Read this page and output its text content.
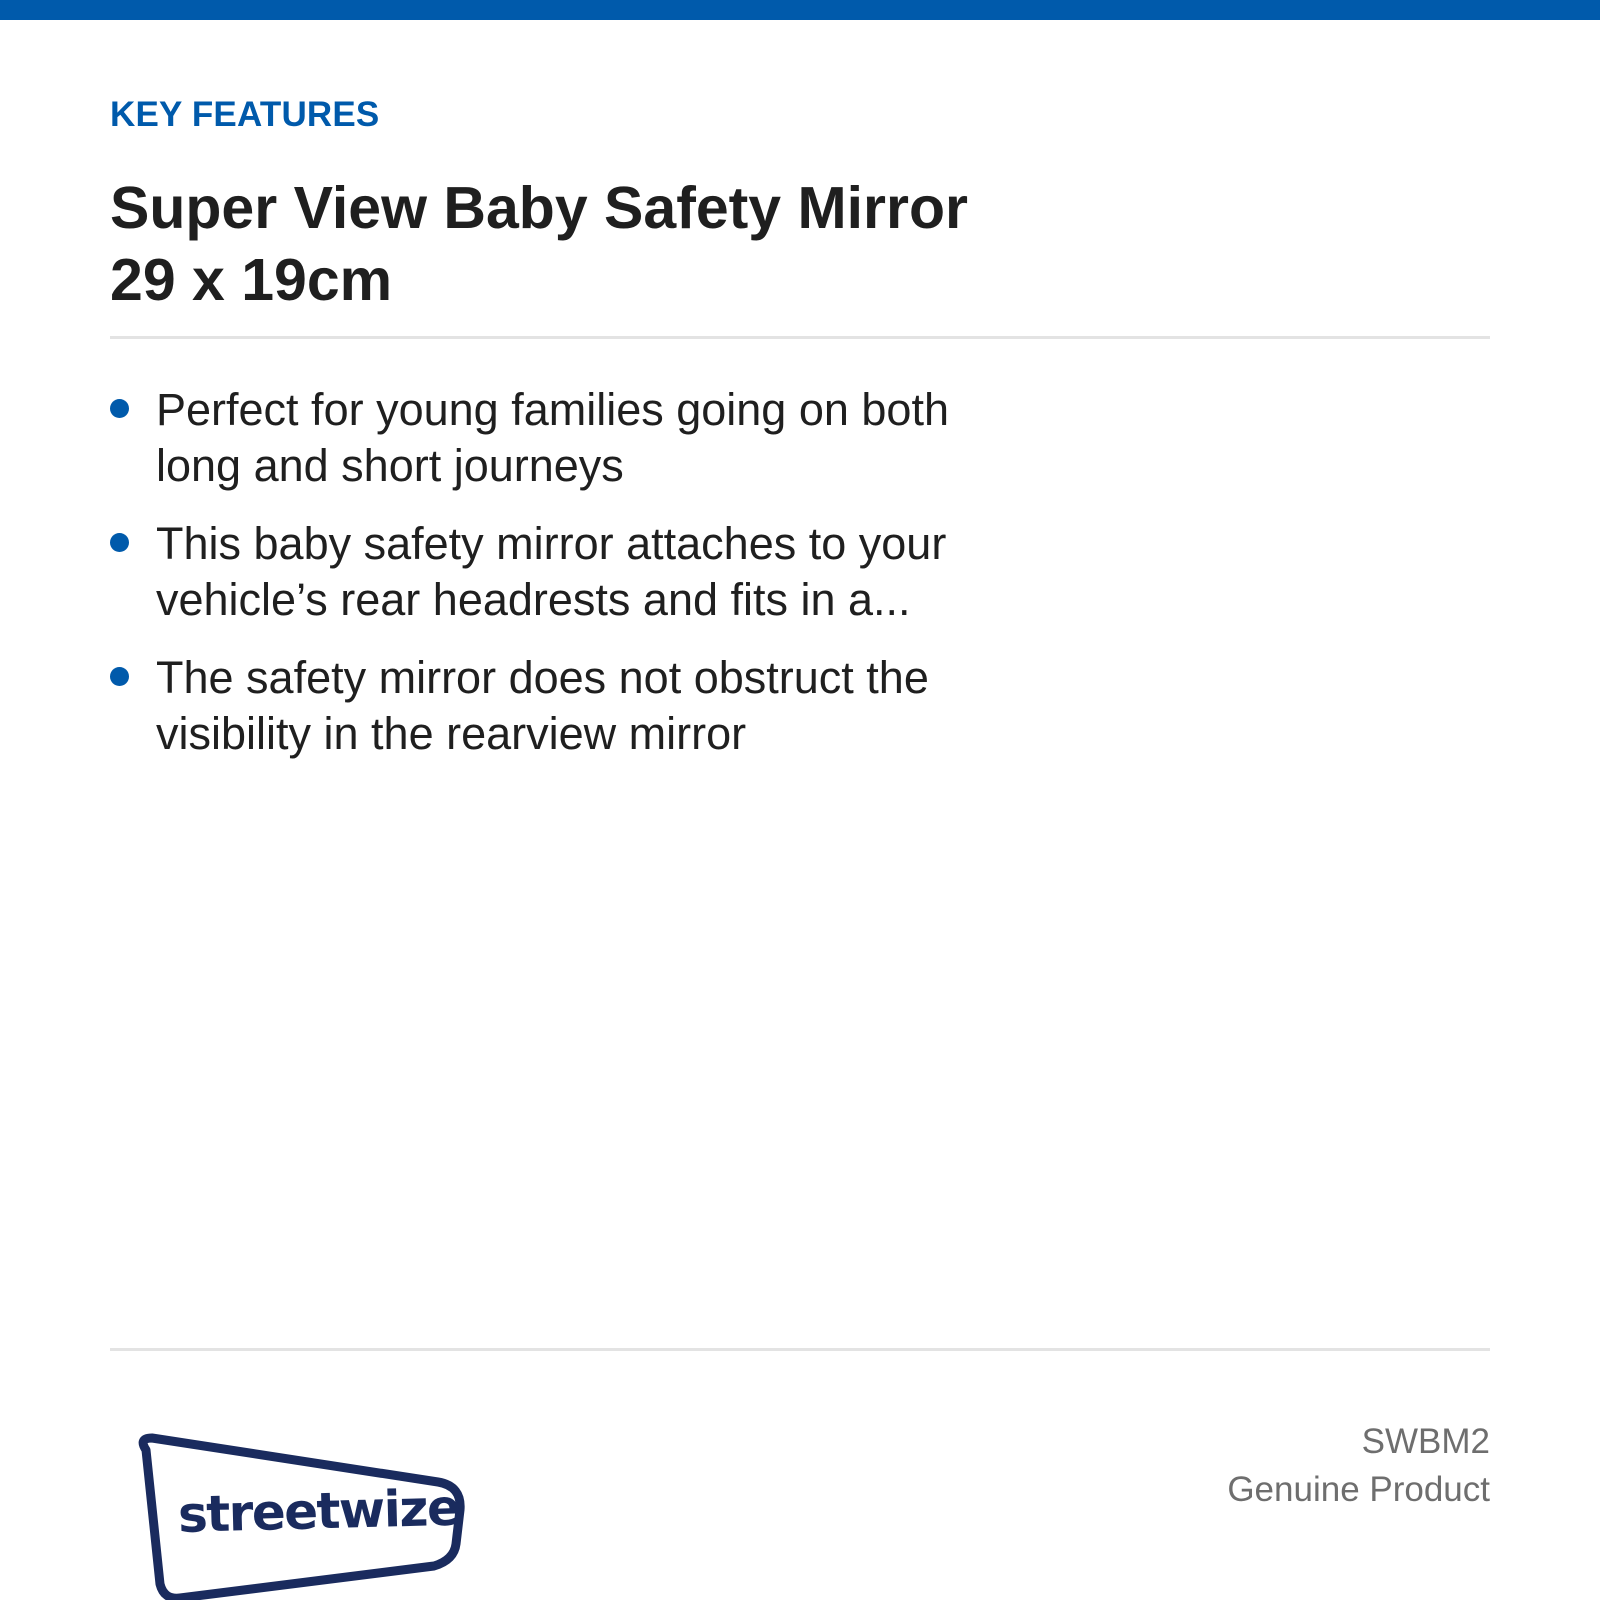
KEY FEATURES
Super View Baby Safety Mirror
29 x 19cm
Perfect for young families going on both
long and short journeys
This baby safety mirror attaches to your
vehicle’s rear headrests and fits in a...
The safety mirror does not obstruct the
visibility in the rearview mirror
streetwize
SWBM2
Genuine Product
